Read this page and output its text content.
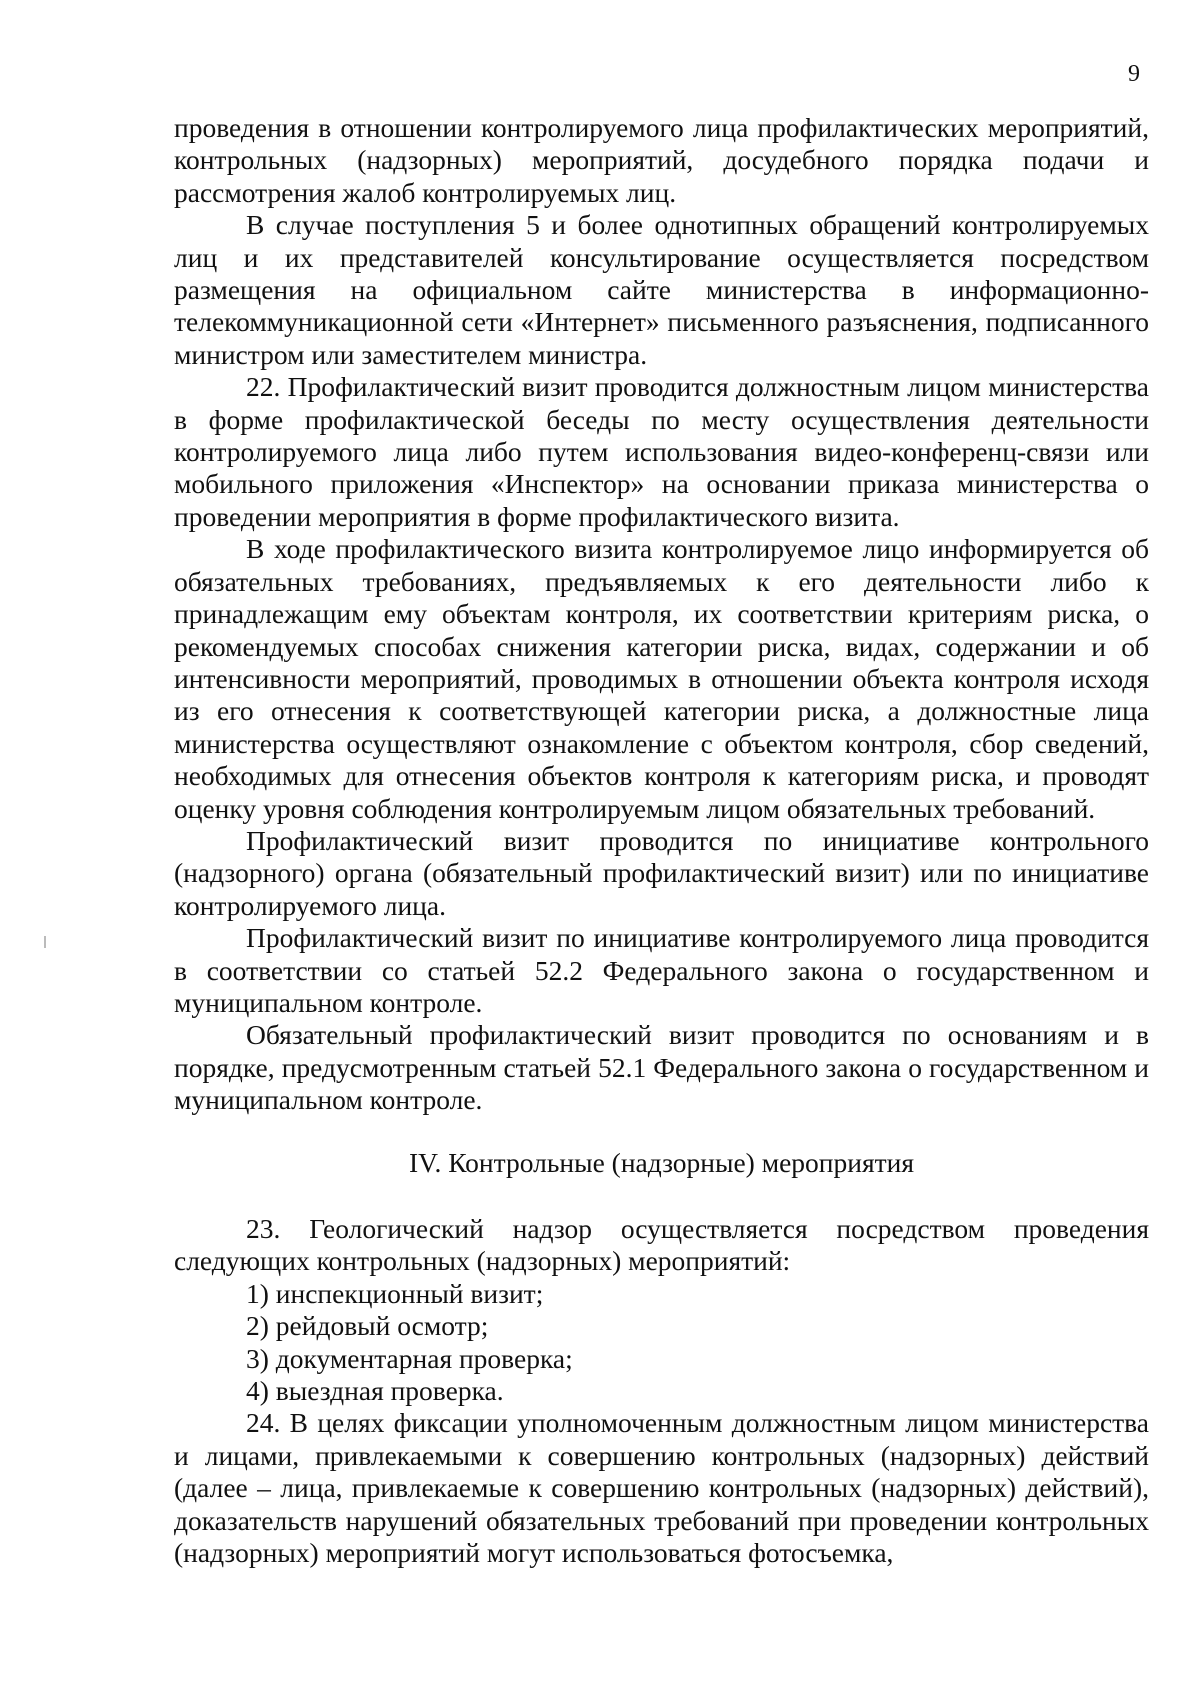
9

проведения в отношении контролируемого лица профилактических мероприятий, контрольных (надзорных) мероприятий, досудебного порядка подачи и рассмотрения жалоб контролируемых лиц.

В случае поступления 5 и более однотипных обращений контролируемых лиц и их представителей консультирование осуществляется посредством размещения на официальном сайте министерства в информационно-телекоммуникационной сети «Интернет» письменного разъяснения, подписанного министром или заместителем министра.

22. Профилактический визит проводится должностным лицом министерства в форме профилактической беседы по месту осуществления деятельности контролируемого лица либо путем использования видео-конференц-связи или мобильного приложения «Инспектор» на основании приказа министерства о проведении мероприятия в форме профилактического визита.

В ходе профилактического визита контролируемое лицо информируется об обязательных требованиях, предъявляемых к его деятельности либо к принадлежащим ему объектам контроля, их соответствии критериям риска, о рекомендуемых способах снижения категории риска, видах, содержании и об интенсивности мероприятий, проводимых в отношении объекта контроля исходя из его отнесения к соответствующей категории риска, а должностные лица министерства осуществляют ознакомление с объектом контроля, сбор сведений, необходимых для отнесения объектов контроля к категориям риска, и проводят оценку уровня соблюдения контролируемым лицом обязательных требований.

Профилактический визит проводится по инициативе контрольного (надзорного) органа (обязательный профилактический визит) или по инициативе контролируемого лица.

Профилактический визит по инициативе контролируемого лица проводится в соответствии со статьей 52.2 Федерального закона о государственном и муниципальном контроле.

Обязательный профилактический визит проводится по основаниям и в порядке, предусмотренным статьей 52.1 Федерального закона о государственном и муниципальном контроле.

IV. Контрольные (надзорные) мероприятия

23. Геологический надзор осуществляется посредством проведения следующих контрольных (надзорных) мероприятий:

1) инспекционный визит;

2) рейдовый осмотр;

3) документарная проверка;

4) выездная проверка.

24. В целях фиксации уполномоченным должностным лицом министерства и лицами, привлекаемыми к совершению контрольных (надзорных) действий (далее – лица, привлекаемые к совершению контрольных (надзорных) действий), доказательств нарушений обязательных требований при проведении контрольных (надзорных) мероприятий могут использоваться фотосъемка,
